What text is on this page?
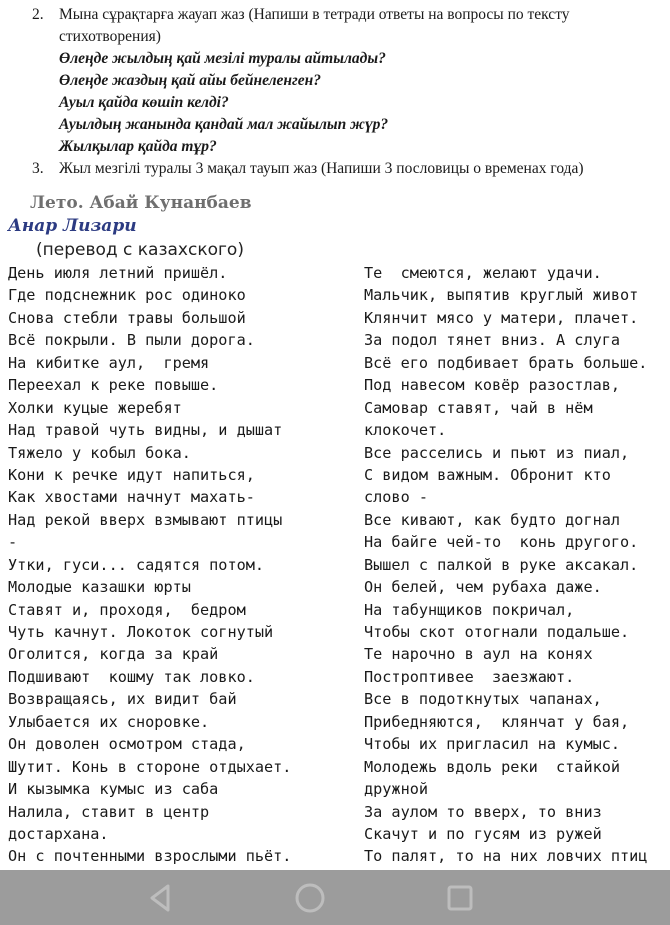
2. Мына сұрақтарға жауап жаз (Напиши в тетради ответы на вопросы по тексту стихотворения)
Өлеңде жылдың қай мезілі туралы айтылады?
Өлеңде жаздың қай айы бейнеленген?
Ауыл қайда көшіп келді?
Ауылдың жанында қандай мал жайылып жүр?
Жылқылар қайда тұр?
3. Жыл мезгілі туралы 3 мақал тауып жаз (Напиши 3 пословицы о временах года)
Лето. Абай Кунанбаев
Анар Лизари
(перевод с казахского)
День июля летний пришёл.
Где подснежник рос одиноко
Снова стебли травы большой
Всё покрыли. В пыли дорога.
На кибитке аул,  гремя
Переехал к реке повыше.
Холки куцые жеребят
Над травой чуть видны, и дышат
Тяжело у кобыл бока.
Кони к речке идут напиться,
Как хвостами начнут махать-
Над рекой вверх взмывают птицы
-
Утки, гуси... садятся потом.
Молодые казашки юрты
Ставят и, проходя,  бедром
Чуть качнут. Локоток согнутый
Оголится, когда за край
Подшивают  кошму так ловко.
Возвращаясь, их видит бай
Улыбается их сноровке.
Он доволен осмотром стада,
Шутит. Конь в стороне отдыхает.
И кызымка кумыс из саба
Налила, ставит в центр
достархана.
Он с почтенными взрослыми пьёт.
Те  смеются, желают удачи.
Мальчик, выпятив круглый живот
Клянчит мясо у матери, плачет.
За подол тянет вниз. А слуга
Всё его подбивает брать больше.
Под навесом ковёр разостлав,
Самовар ставят, чай в нём
клокочет.
Все расселись и пьют из пиал,
С видом важным. Обронит кто
слово -
Все кивают, как будто догнал
На байге чей-то  конь другого.
Вышел с палкой в руке аксакал.
Он белей, чем рубаха даже.
На табунщиков покричал,
Чтобы скот отогнали подальше.
Те нарочно в аул на конях
Построптивее  заезжают.
Все в подоткнутых чапанах,
Прибедняются,  клянчат у бая,
Чтобы их пригласил на кумыс.
Молодежь вдоль реки  стайкой
дружной
За аулом то вверх, то вниз
Скачут и по гусям из ружей
То палят, то на них ловчих птиц
